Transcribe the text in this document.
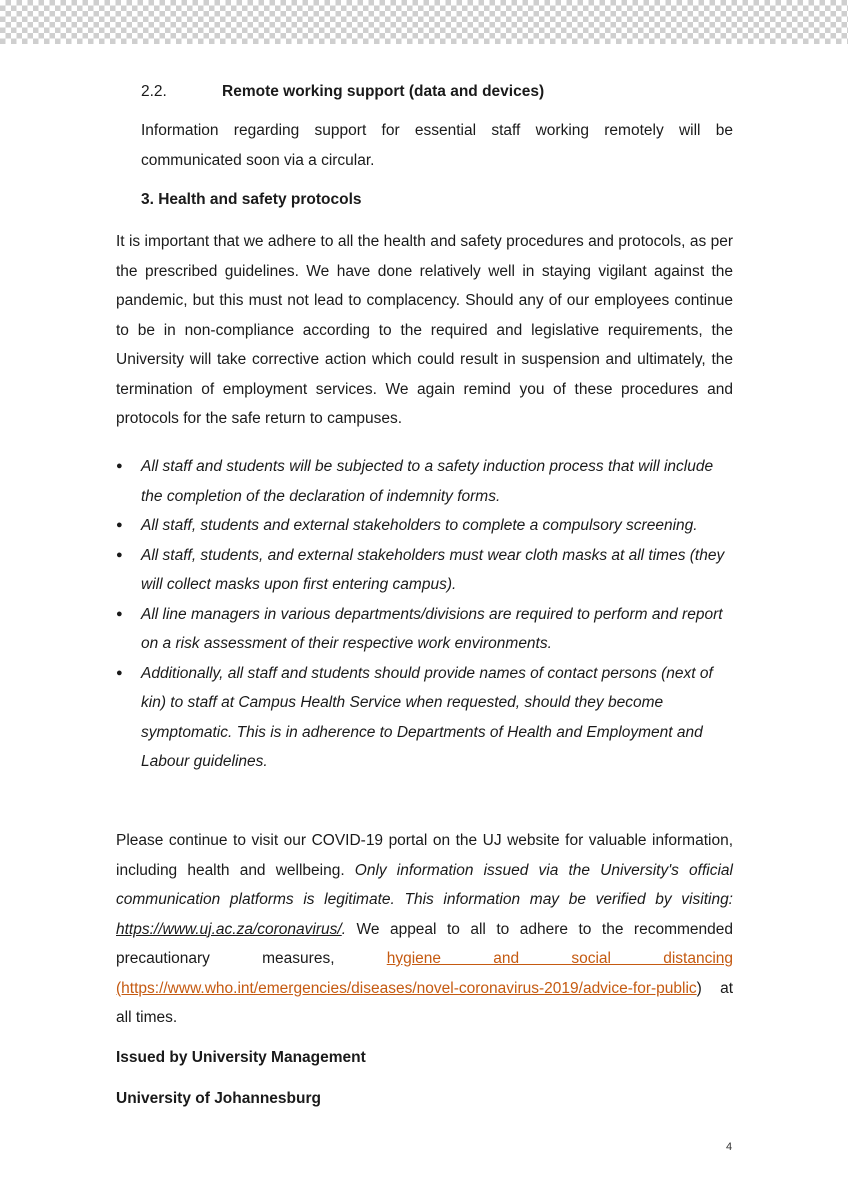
2.2.	Remote working support (data and devices)
Information regarding support for essential staff working remotely will be communicated soon via a circular.
3. Health and safety protocols
It is important that we adhere to all the health and safety procedures and protocols, as per the prescribed guidelines. We have done relatively well in staying vigilant against the pandemic, but this must not lead to complacency. Should any of our employees continue to be in non-compliance according to the required and legislative requirements, the University will take corrective action which could result in suspension and ultimately, the termination of employment services. We again remind you of these procedures and protocols for the safe return to campuses.
● All staff and students will be subjected to a safety induction process that will include the completion of the declaration of indemnity forms.
● All staff, students and external stakeholders to complete a compulsory screening.
● All staff, students, and external stakeholders must wear cloth masks at all times (they will collect masks upon first entering campus).
● All line managers in various departments/divisions are required to perform and report on a risk assessment of their respective work environments.
● Additionally, all staff and students should provide names of contact persons (next of kin) to staff at Campus Health Service when requested, should they become symptomatic. This is in adherence to Departments of Health and Employment and Labour guidelines.
Please continue to visit our COVID-19 portal on the UJ website for valuable information, including health and wellbeing. Only information issued via the University's official communication platforms is legitimate. This information may be verified by visiting: https://www.uj.ac.za/coronavirus/. We appeal to all to adhere to the recommended precautionary measures, hygiene and social distancing (https://www.who.int/emergencies/diseases/novel-coronavirus-2019/advice-for-public) at all times.
Issued by University Management
University of Johannesburg
4
